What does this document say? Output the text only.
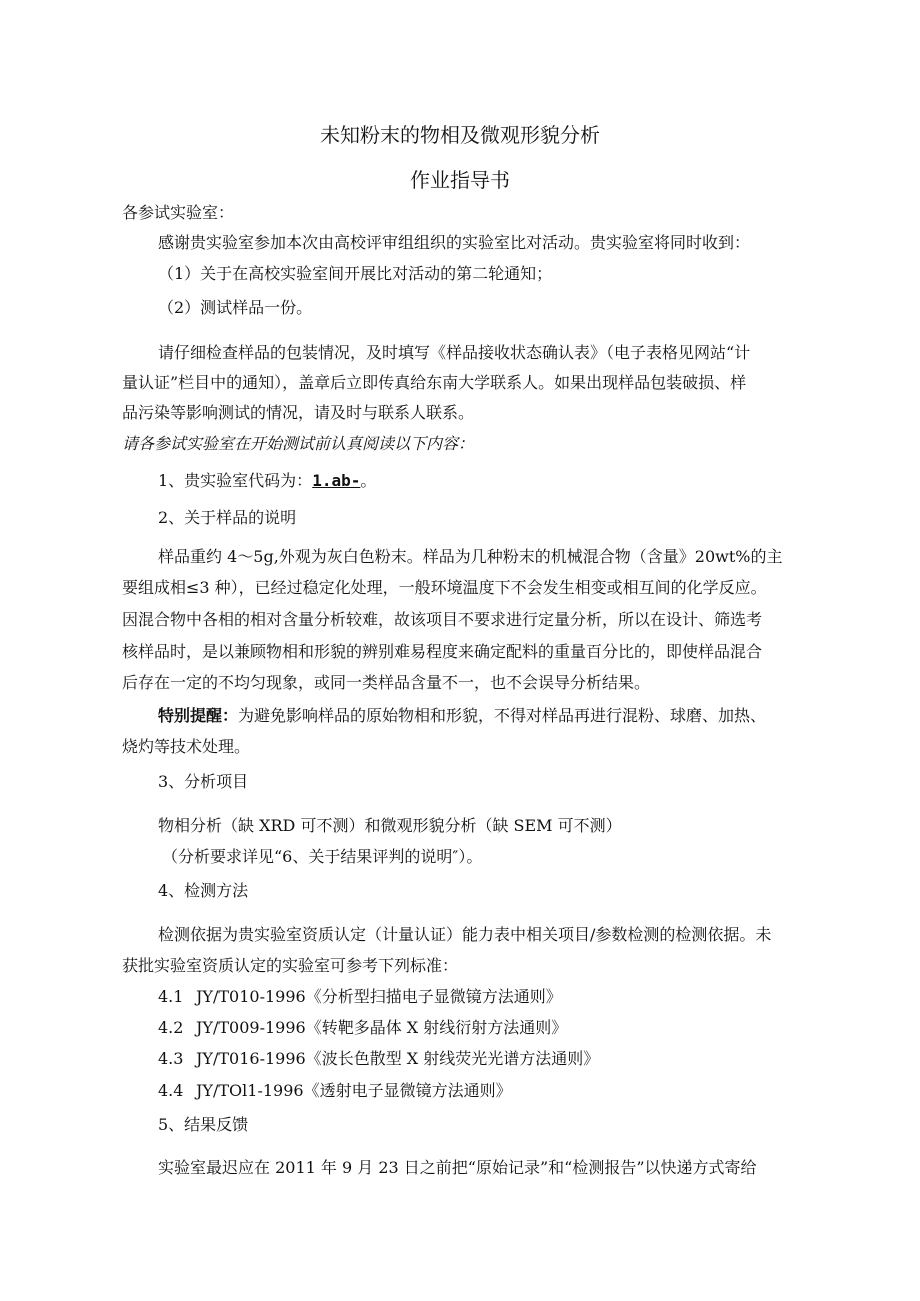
未知粉末的物相及微观形貌分析
作业指导书
各参试实验室：
感谢贵实验室参加本次由高校评审组组织的实验室比对活动。贵实验室将同时收到：
（1）关于在高校实验室间开展比对活动的第二轮通知；
（2）测试样品一份。
请仔细检查样品的包装情况，及时填写《样品接收状态确认表》（电子表格见网站“计
量认证”栏目中的通知），盖章后立即传真给东南大学联系人。如果出现样品包装破损、样
品污染等影响测试的情况，请及时与联系人联系。
请各参试实验室在开始测试前认真阅读以下内容：
1、贵实验室代码为：1.ab-。
2、关于样品的说明
样品重约 4～5g,外观为灰白色粉末。样品为几种粉末的机械混合物（含量》20wt%的主
要组成相≤3 种），已经过稳定化处理，一般环境温度下不会发生相变或相互间的化学反应。
因混合物中各相的相对含量分析较难，故该项目不要求进行定量分析，所以在设计、筛选考
核样品时，是以兼顾物相和形貌的辨别难易程度来确定配料的重量百分比的，即使样品混合
后存在一定的不均匀现象，或同一类样品含量不一，也不会误导分析结果。
特别提醒：为避免影响样品的原始物相和形貌，不得对样品再进行混粉、球磨、加热、
烧灼等技术处理。
3、分析项目
物相分析（缺 XRD 可不测）和微观形貌分析（缺 SEM 可不测）
（分析要求详见“6、关于结果评判的说明″）。
4、检测方法
检测依据为贵实验室资质认定（计量认证）能力表中相关项目/参数检测的检测依据。未
获批实验室资质认定的实验室可参考下列标准：
4.1 JY/T010-1996《分析型扫描电子显微镜方法通则》
4.2 JY/T009-1996《转靶多晶体 X 射线衍射方法通则》
4.3 JY/T016-1996《波长色散型 X 射线荧光光谱方法通则》
4.4 JY/TOl1-1996《透射电子显微镜方法通则》
5、结果反馈
实验室最迟应在 2011 年 9 月 23 日之前把“原始记录”和“检测报告”以快递方式寄给
